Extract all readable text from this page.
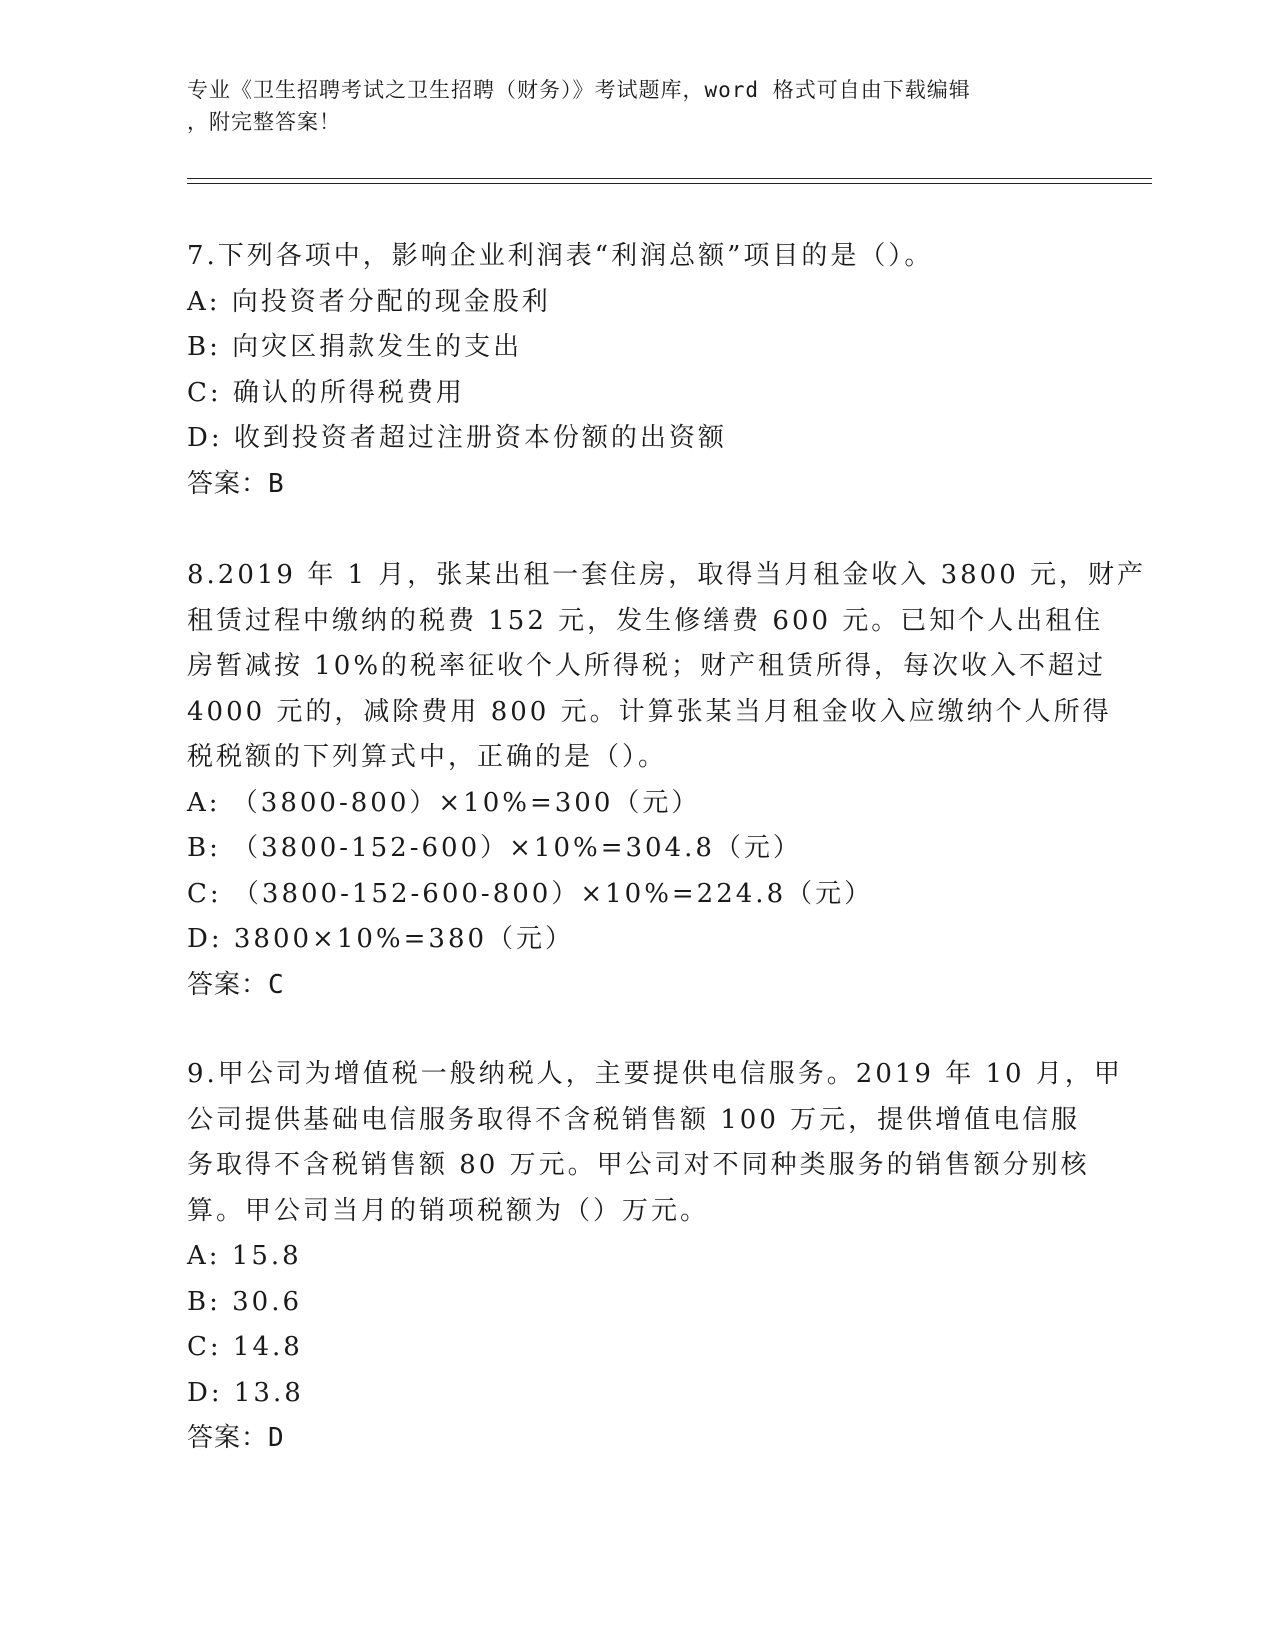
专业《卫生招聘考试之卫生招聘（财务）》考试题库，word 格式可自由下载编辑
，附完整答案！
7.下列各项中，影响企业利润表“利润总额”项目的是（）。
A: 向投资者分配的现金股利
B: 向灾区捐款发生的支出
C: 确认的所得税费用
D: 收到投资者超过注册资本份额的出资额
答案：B
8.2019 年 1 月，张某出租一套住房，取得当月租金收入 3800 元，财产
租赁过程中缴纳的税费 152 元，发生修缮费 600 元。已知个人出租住
房暂减按 10%的税率征收个人所得税；财产租赁所得，每次收入不超过
4000 元的，减除费用 800 元。计算张某当月租金收入应缴纳个人所得
税税额的下列算式中，正确的是（）。
A: （3800-800）×10%=300（元）
B: （3800-152-600）×10%=304.8（元）
C: （3800-152-600-800）×10%=224.8（元）
D: 3800×10%=380（元）
答案：C
9.甲公司为增值税一般纳税人，主要提供电信服务。2019 年 10 月，甲
公司提供基础电信服务取得不含税销售额 100 万元，提供增值电信服
务取得不含税销售额 80 万元。甲公司对不同种类服务的销售额分别核
算。甲公司当月的销项税额为（）万元。
A: 15.8
B: 30.6
C: 14.8
D: 13.8
答案：D
